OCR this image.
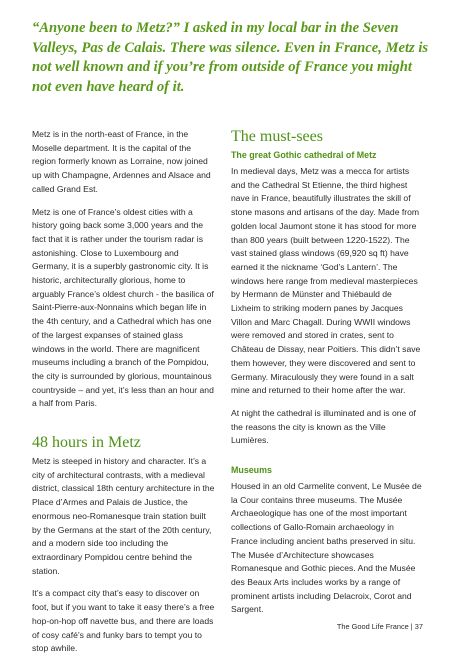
“Anyone been to Metz?” I asked in my local bar in the Seven Valleys, Pas de Calais. There was silence. Even in France, Metz is not well known and if you’re from outside of France you might not even have heard of it.

Metz is in the north-east of France, in the Moselle department. It is the capital of the region formerly known as Lorraine, now joined up with Champagne, Ardennes and Alsace and called Grand Est.

Metz is one of France’s oldest cities with a history going back some 3,000 years and the fact that it is rather under the tourism radar is astonishing. Close to Luxembourg and Germany, it is a superbly gastronomic city. It is historic, architecturally glorious, home to arguably France’s oldest church - the basilica of Saint-Pierre-aux-Nonnains which began life in the 4th century, and a Cathedral which has one of the largest expanses of stained glass windows in the world. There are magnificent museums including a branch of the Pompidou, the city is surrounded by glorious, mountainous countryside – and yet, it’s less than an hour and a half from Paris.

48 hours in Metz

Metz is steeped in history and character. It’s a city of architectural contrasts, with a medieval district, classical 18th century architecture in the Place d’Armes and Palais de Justice, the enormous neo-Romanesque train station built by the Germans at the start of the 20th century, and a modern side too including the extraordinary Pompidou centre behind the station.

It’s a compact city that’s easy to discover on foot, but if you want to take it easy there’s a free hop-on-hop off navette bus, and there are loads of cosy café’s and funky bars to tempt you to stop awhile.

The must-sees
The great Gothic cathedral of Metz

In medieval days, Metz was a mecca for artists and the Cathedral St Etienne, the third highest nave in France, beautifully illustrates the skill of stone masons and artisans of the day. Made from golden local Jaumont stone it has stood for more than 800 years (built between 1220-1522). The vast stained glass windows (69,920 sq ft) have earned it the nickname ‘God’s Lantern’. The windows here range from medieval masterpieces by Hermann de Münster and Thiébauld de Lixheim to striking modern panes by Jacques Villon and Marc Chagall. During WWII windows were removed and stored in crates, sent to Château de Dissay, near Poitiers. This didn’t save them however, they were discovered and sent to Germany. Miraculously they were found in a salt mine and returned to their home after the war.

At night the cathedral is illuminated and is one of the reasons the city is known as the Ville Lumières.

Museums

Housed in an old Carmelite convent, Le Musée de la Cour contains three museums. The Musée Archaeologique has one of the most important collections of Gallo-Romain archaeology in France including ancient baths preserved in situ. The Musée d’Architecture showcases Romanesque and Gothic pieces. And the Musée des Beaux Arts includes works by a range of prominent artists including Delacroix, Corot and Sargent.

The Good Life France | 37
